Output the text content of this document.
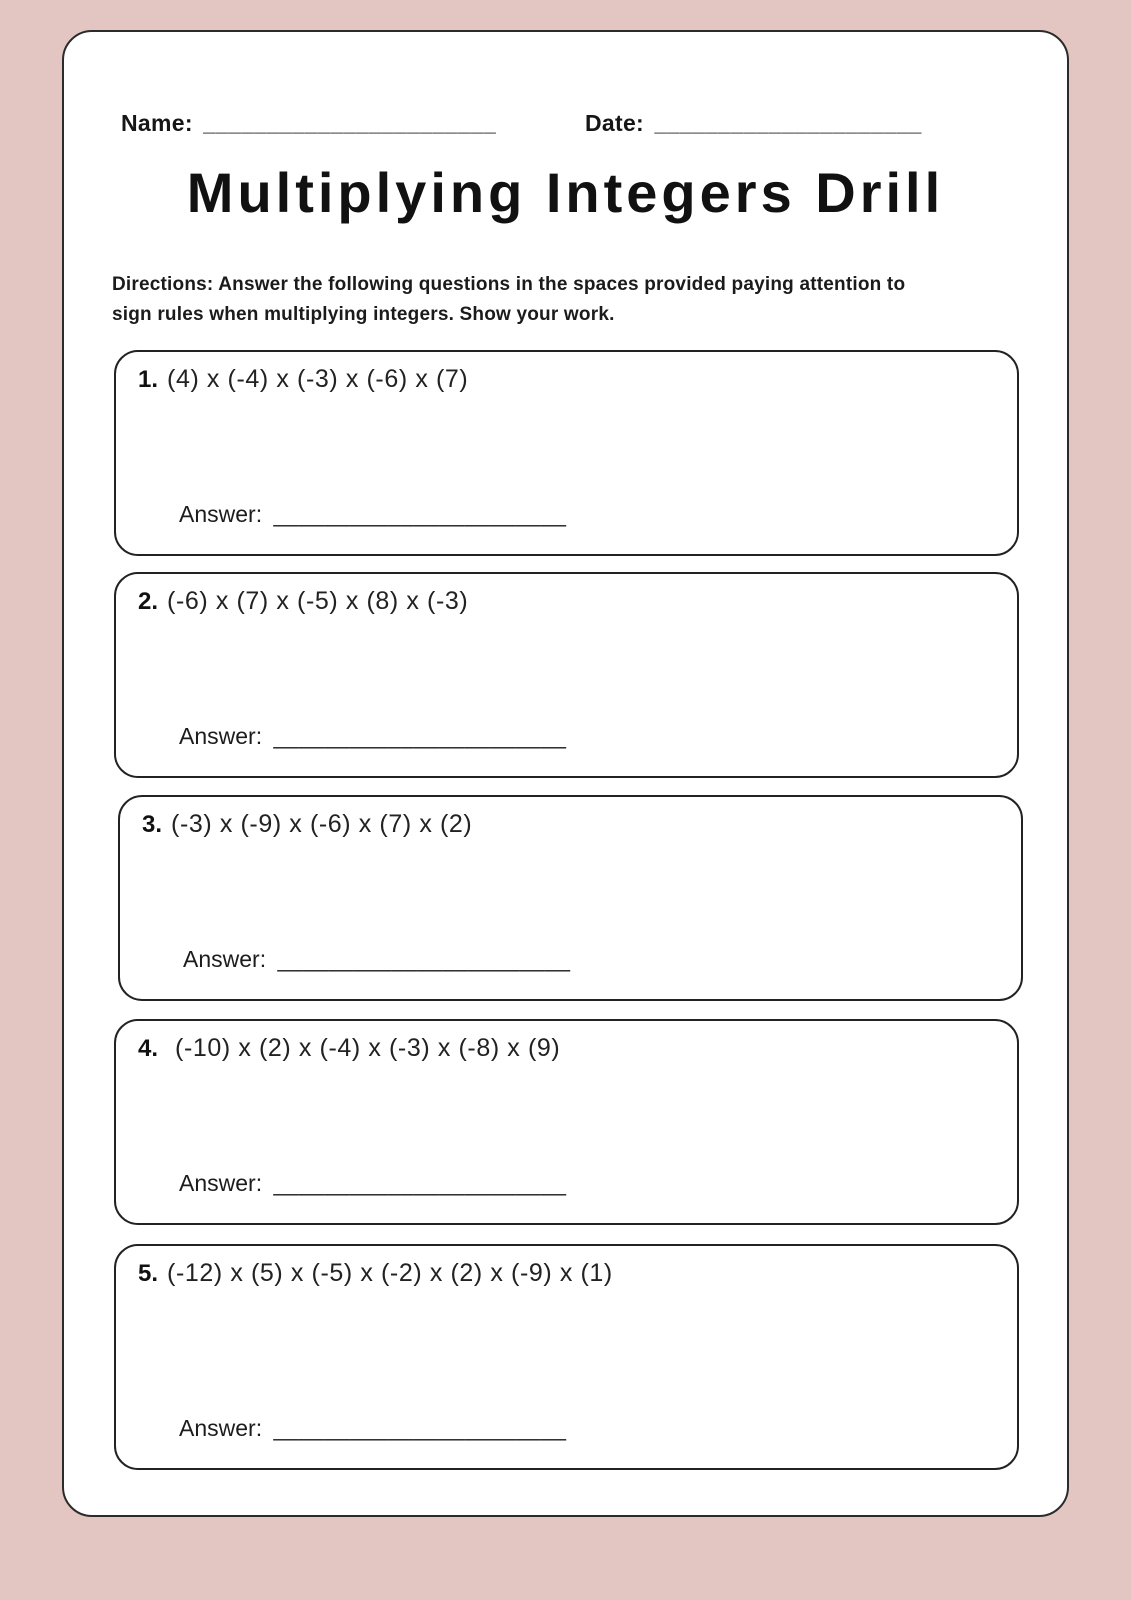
Name: _______________________	Date: _____________________
Multiplying Integers Drill

Directions: Answer the following questions in the spaces provided paying attention to sign rules when multiplying integers. Show your work.

1. (4) x (-4) x (-3) x (-6) x (7)
Answer: _______________________
2. (-6) x (7) x (-5) x (8) x (-3)
Answer: _______________________
3. (-3) x (-9) x (-6) x (7) x (2)
Answer: _______________________
4. (-10) x (2) x (-4) x (-3) x (-8) x (9)
Answer: _______________________
5. (-12) x (5) x (-5) x (-2) x (2) x (-9) x (1)
Answer: _______________________
